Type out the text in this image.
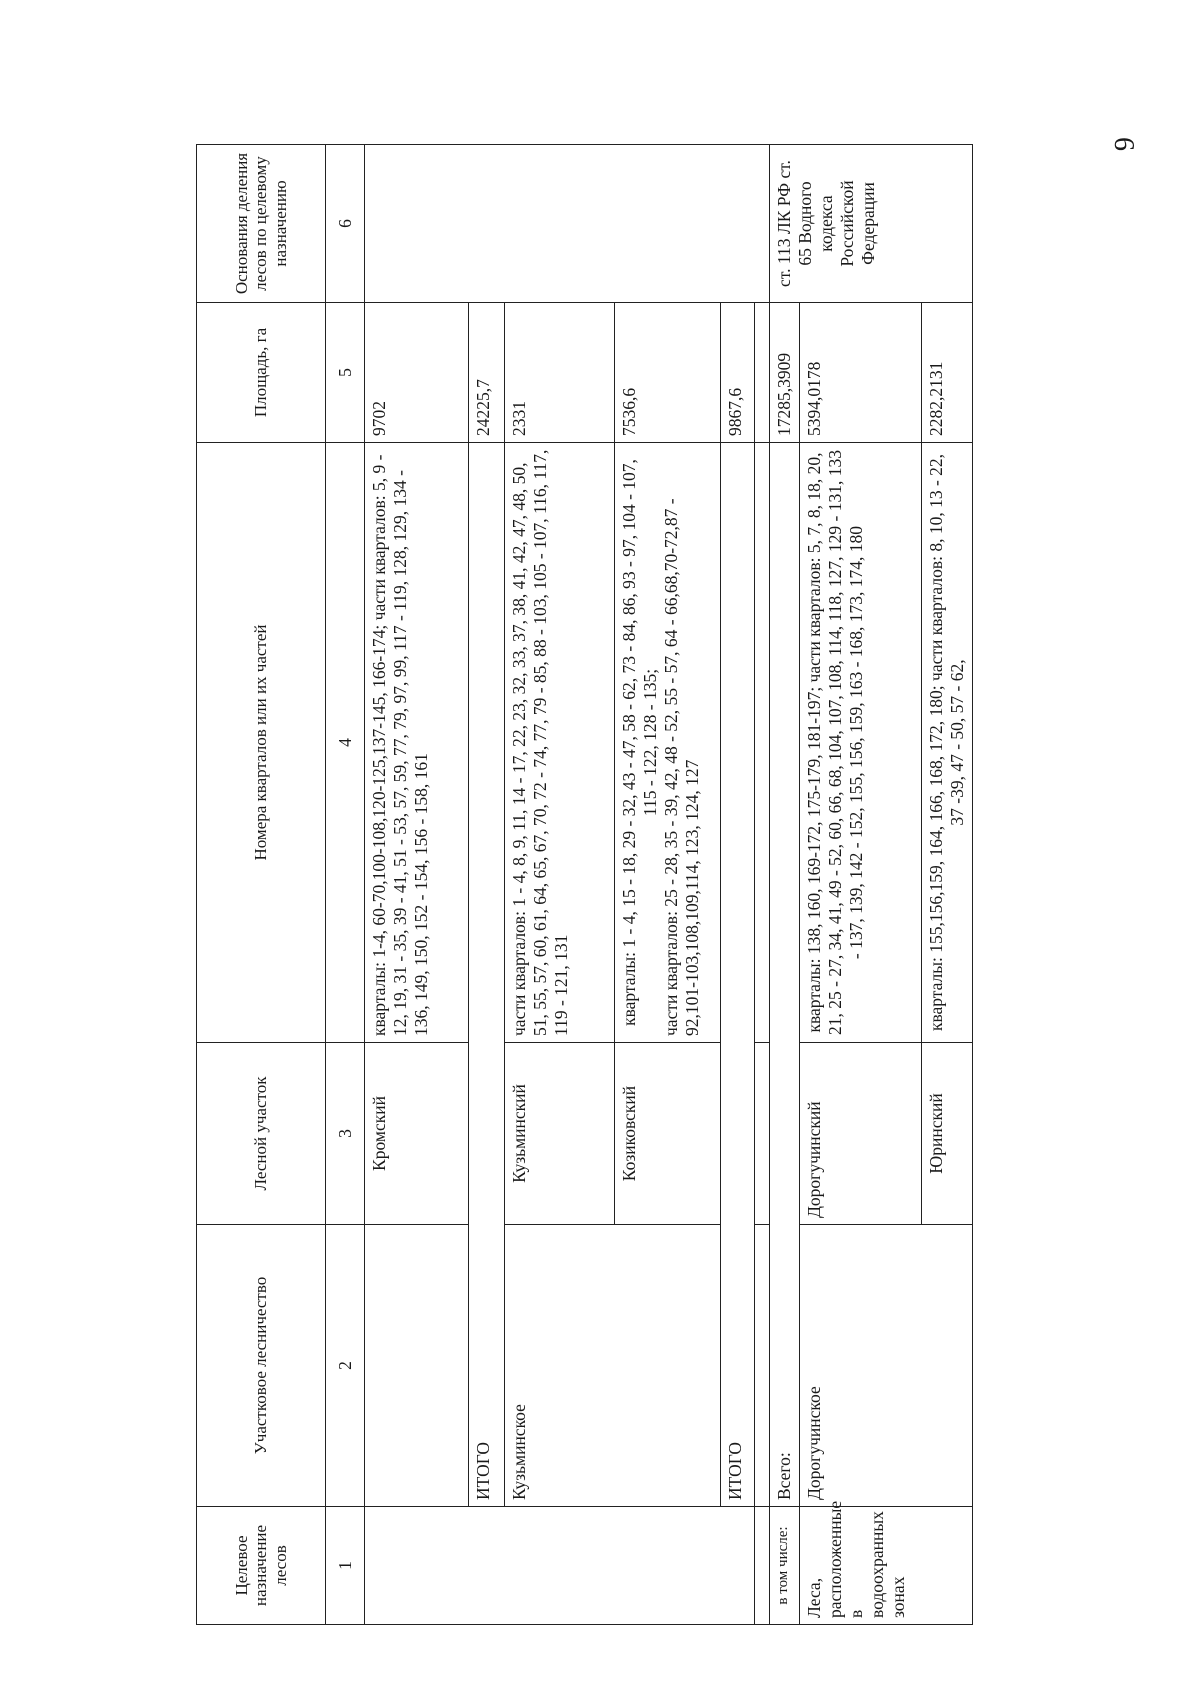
6
Целевое назначение лесов	Участковое лесничество	Лесной участок	Номера кварталов или их частей	Площадь, га	Основания деления лесов по целевому назначению
1	2	3	4	5	6
		Кромский	кварталы: 1-4, 60-70,100-108,120-125,137-145, 166-174; части кварталов: 5, 9 - 12, 19, 31 - 35, 39 - 41, 51 - 53, 57, 59, 77, 79, 97, 99, 117 - 119, 128, 129, 134 - 136, 149, 150, 152 - 154, 156 - 158, 161	9702	
	ИТОГО			24225,7	
	Кузьминское	Кузьминский	части кварталов: 1 - 4, 8, 9, 11, 14 - 17, 22, 23, 32, 33, 37, 38, 41, 42, 47, 48, 50, 51, 55, 57, 60, 61, 64, 65, 67, 70, 72 - 74, 77, 79 - 85, 88 - 103, 105 - 107, 116, 117, 119 - 121, 131	2331	
		Козиковский	кварталы: 1 - 4, 15 - 18, 29 - 32, 43 - 47, 58 - 62, 73 - 84, 86, 93 - 97, 104 - 107, 115 - 122, 128 - 135; части кварталов: 25 - 28, 35 - 39, 42, 48 - 52, 55 - 57, 64 - 66,68,70-72,87 - 92,101-103,108,109,114, 123, 124, 127	7536,6	
	ИТОГО			9867,6	

в том числе:	Всего:			17285,3909	ст. 113 ЛК РФ ст. 65 Водного кодекса Российской Федерации
Леса, расположенные в водоохранных зонах	Дорогучинское	Дорогучинский	кварталы: 138, 160, 169-172, 175-179, 181-197; части кварталов: 5, 7, 8, 18, 20, 21, 25 - 27, 34, 41, 49 - 52, 60, 66, 68, 104, 107, 108, 114, 118, 127, 129 - 131, 133 - 137, 139, 142 - 152, 155, 156, 159, 163 - 168, 173, 174, 180	5394,0178	
		Юринский	кварталы: 155,156,159, 164, 166, 168, 172, 180; части кварталов: 8, 10, 13 - 22, 37 -39, 47 - 50, 57 - 62,	2282,2131	
